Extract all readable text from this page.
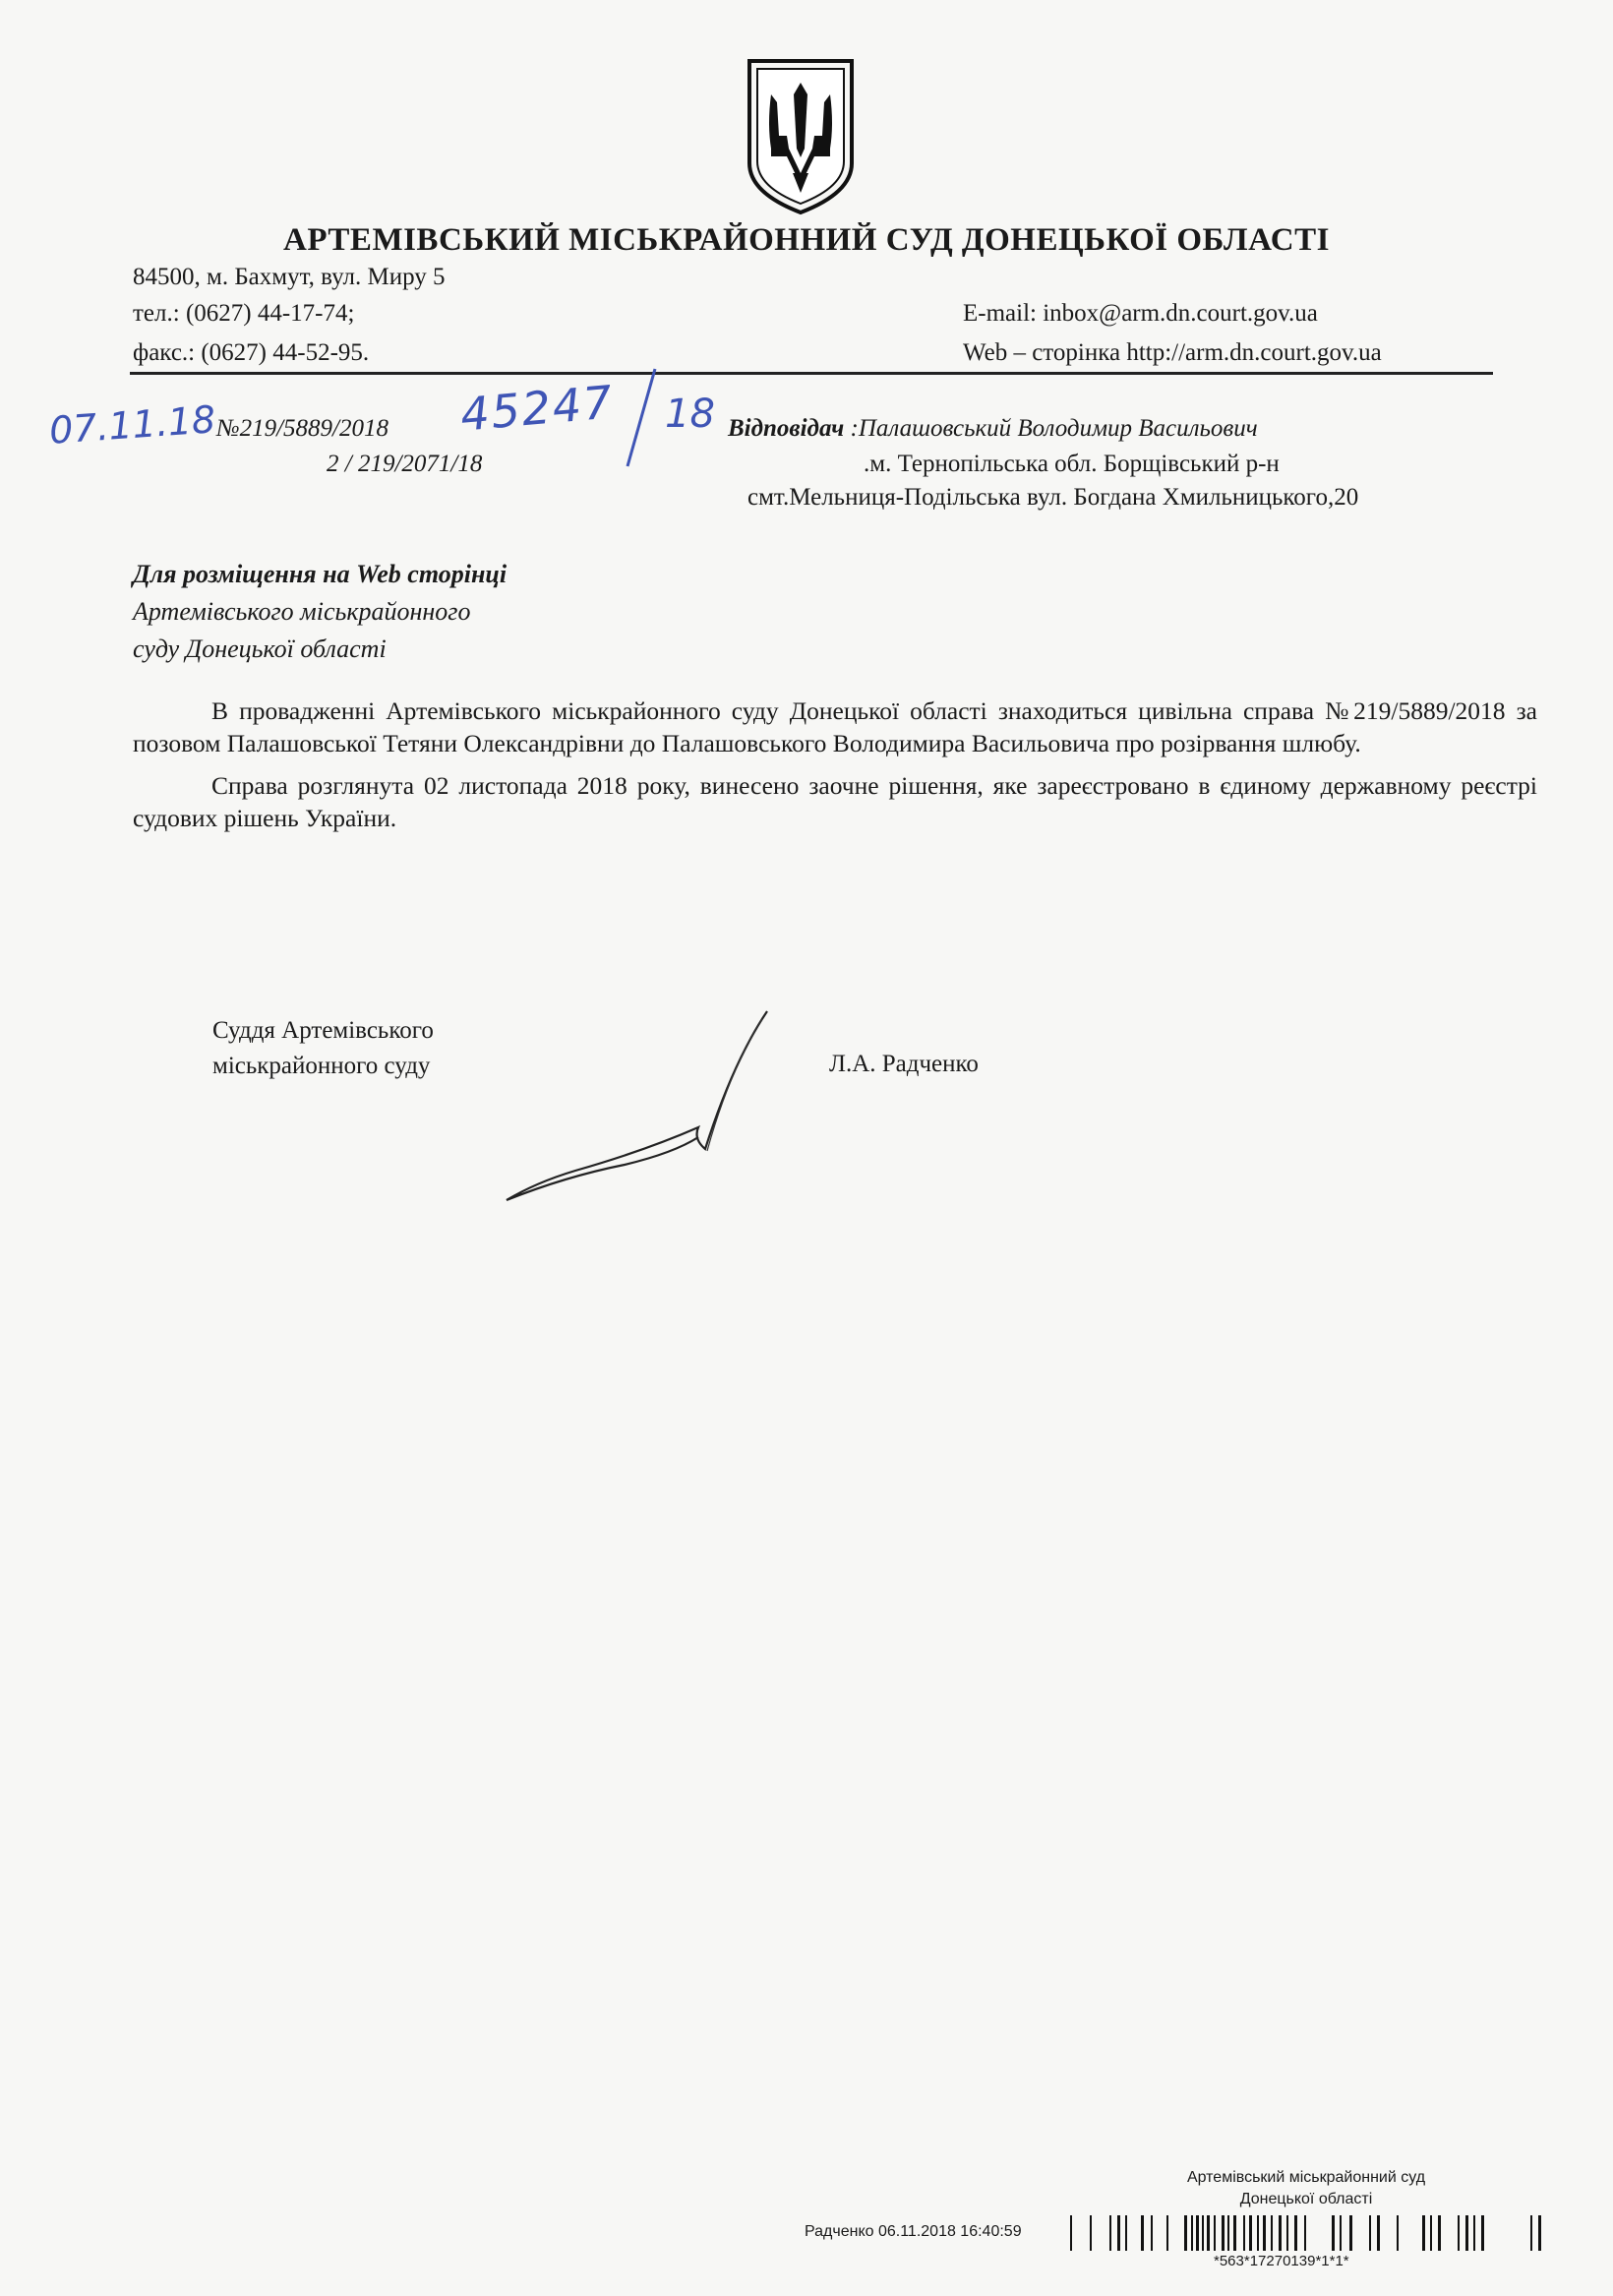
АРТЕМІВСЬКИЙ МІСЬКРАЙОННИЙ СУД ДОНЕЦЬКОЇ ОБЛАСТІ
84500, м. Бахмут, вул. Миру 5
тел.: (0627) 44-17-74;
факс.: (0627) 44-52-95.
E-mail: inbox@arm.dn.court.gov.ua
Web – сторінка http://arm.dn.court.gov.ua
07.11.18	45247 18
№219/5889/2018
2 / 219/2071/18
Відповідач :Палашовський Володимир Васильович
.м. Тернопільська обл. Борщівський р-н
смт.Мельниця-Подільська вул. Богдана Хмильницького,20
Для розміщення на Web сторінці
Артемівського міськрайонного
суду Донецької області

В провадженні Артемівського міськрайонного суду Донецької області знаходиться цивільна справа №219/5889/2018 за позовом Палашовської Тетяни Олександрівни до Палашовського Володимира Васильовича про розірвання шлюбу.

Справа розглянута 02 листопада 2018 року, винесено заочне рішення, яке зареєстровано в єдиному державному реєстрі судових рішень України.

Суддя Артемівського
міськрайонного суду	Л.А. Радченко
Артемівський міськрайонний суд
Донецької області
Радченко 06.11.2018 16:40:59
*563*17270139*1*1*
